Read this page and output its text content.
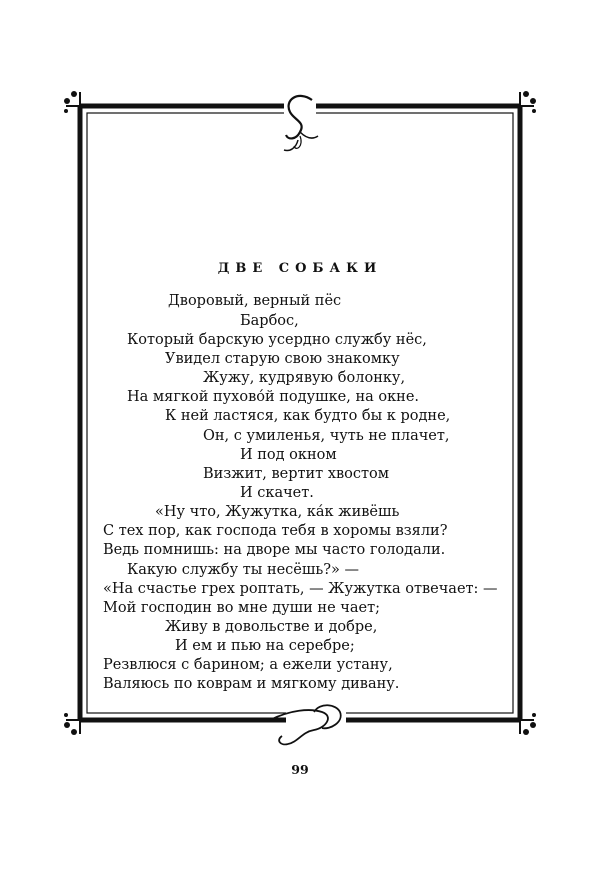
ДВЕ СОБАКИ
Дворовый, верный пёс
Барбос,
Который барскую усердно службу нёс,
Увидел старую свою знакомку
Жужу, кудрявую болонку,
На мягкой пухово́й подушке, на окне.
К ней ластяся, как будто бы к родне,
Он, с умиленья, чуть не плачет,
И под окном
Визжит, вертит хвостом
И скачет.
«Ну что, Жужутка, ка́к живёшь
С тех пор, как господа тебя в хоромы взяли?
Ведь помнишь: на дворе мы часто голодали.
Какую службу ты несёшь?» —
«На счастье грех роптать, — Жужутка отвечает: —
Мой господин во мне души не чает;
Живу в довольстве и добре,
И ем и пью на серебре;
Резвлюся с барином; а ежели устану,
Валяюсь по коврам и мягкому дивану.
99
